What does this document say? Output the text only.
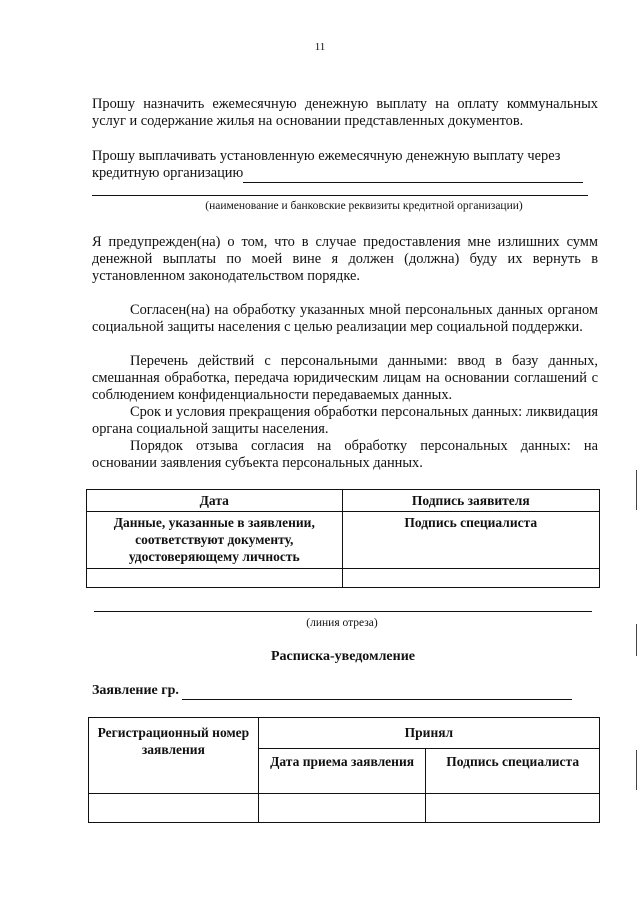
11

Прошу назначить ежемесячную денежную выплату на оплату коммунальных услуг и содержание жилья на основании представленных документов.

Прошу выплачивать установленную ежемесячную денежную выплату через кредитную организацию

(наименование и банковские реквизиты кредитной организации)

Я предупрежден(на) о том, что в случае предоставления мне излишних сумм денежной выплаты по моей вине я должен (должна) буду их вернуть в установленном законодательством порядке.

Согласен(на) на обработку указанных мной персональных данных органом социальной защиты населения с целью реализации мер социальной поддержки.

Перечень действий с персональными данными: ввод в базу данных, смешанная обработка, передача юридическим лицам на основании соглашений с соблюдением конфиденциальности передаваемых данных.

Срок и условия прекращения обработки персональных данных: ликвидация органа социальной защиты населения.

Порядок отзыва согласия на обработку персональных данных: на основании заявления субъекта персональных данных.

Дата	Подпись заявителя
Данные, указанные в заявлении, соответствуют документу, удостоверяющему личность	Подпись специалиста

(линия отреза)
Расписка-уведомление
Заявление гр.
Регистрационный номер заявления	Принял	
	Дата приема заявления	Подпись специалиста
